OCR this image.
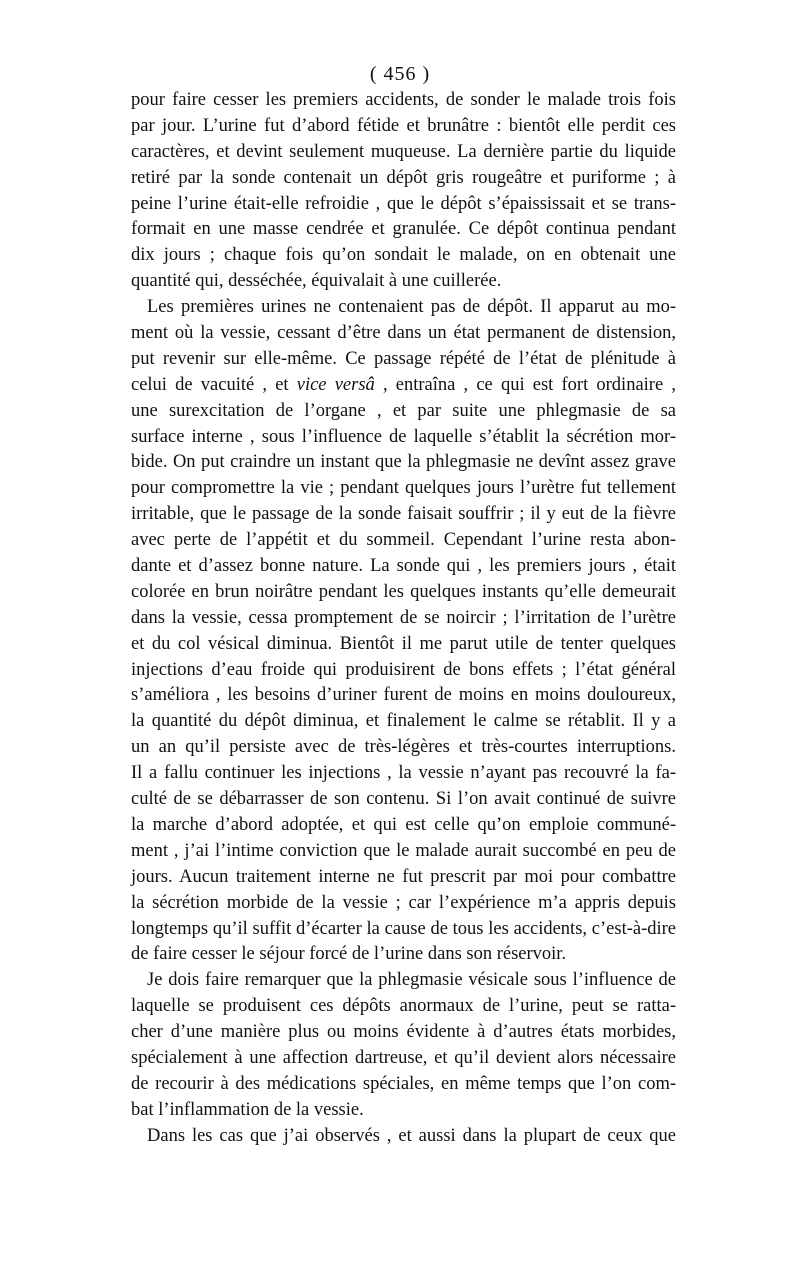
( 456 )
pour faire cesser les premiers accidents, de sonder le malade trois fois
par jour. L’urine fut d’abord fétide et brunâtre : bientôt elle perdit ces
caractères, et devint seulement muqueuse. La dernière partie du liquide
retiré par la sonde contenait un dépôt gris rougeâtre et puriforme ; à
peine l’urine était-elle refroidie , que le dépôt s’épaississait et se trans-
formait en une masse cendrée et granulée. Ce dépôt continua pendant
dix jours ; chaque fois qu’on sondait le malade, on en obtenait une
quantité qui, desséchée, équivalait à une cuillerée.
Les premières urines ne contenaient pas de dépôt. Il apparut au mo-
ment où la vessie, cessant d’être dans un état permanent de distension,
put revenir sur elle-même. Ce passage répété de l’état de plénitude à
celui de vacuité , et vice versâ , entraîna , ce qui est fort ordinaire ,
une surexcitation de l’organe , et par suite une phlegmasie de sa
surface interne , sous l’influence de laquelle s’établit la sécrétion mor-
bide. On put craindre un instant que la phlegmasie ne devînt assez grave
pour compromettre la vie ; pendant quelques jours l’urètre fut tellement
irritable, que le passage de la sonde faisait souffrir ; il y eut de la fièvre
avec perte de l’appétit et du sommeil. Cependant l’urine resta abon-
dante et d’assez bonne nature. La sonde qui , les premiers jours , était
colorée en brun noirâtre pendant les quelques instants qu’elle demeurait
dans la vessie, cessa promptement de se noircir ; l’irritation de l’urètre
et du col vésical diminua. Bientôt il me parut utile de tenter quelques
injections d’eau froide qui produisirent de bons effets ; l’état général
s’améliora , les besoins d’uriner furent de moins en moins douloureux,
la quantité du dépôt diminua, et finalement le calme se rétablit. Il y a
un an qu’il persiste avec de très-légères et très-courtes interruptions.
Il a fallu continuer les injections , la vessie n’ayant pas recouvré la fa-
culté de se débarrasser de son contenu. Si l’on avait continué de suivre
la marche d’abord adoptée, et qui est celle qu’on emploie communé-
ment , j’ai l’intime conviction que le malade aurait succombé en peu de
jours. Aucun traitement interne ne fut prescrit par moi pour combattre
la sécrétion morbide de la vessie ; car l’expérience m’a appris depuis
longtemps qu’il suffit d’écarter la cause de tous les accidents, c’est-à-dire
de faire cesser le séjour forcé de l’urine dans son réservoir.
Je dois faire remarquer que la phlegmasie vésicale sous l’influence de
laquelle se produisent ces dépôts anormaux de l’urine, peut se ratta-
cher d’une manière plus ou moins évidente à d’autres états morbides,
spécialement à une affection dartreuse, et qu’il devient alors nécessaire
de recourir à des médications spéciales, en même temps que l’on com-
bat l’inflammation de la vessie.
Dans les cas que j’ai observés , et aussi dans la plupart de ceux que
